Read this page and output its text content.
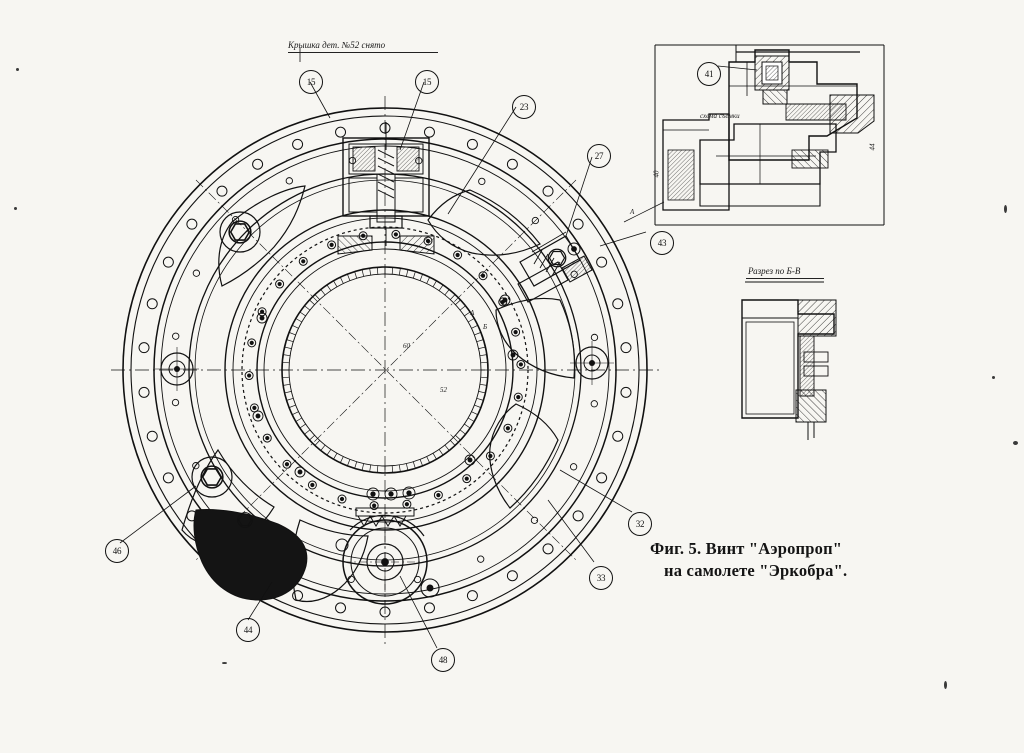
Крышка дет. №52 снято
Разрез по Б-В
схема съемки
60
52
40
44
А
А
Б
15	15
23
27
43
41
32
33
46
44
48
Фиг. 5. Винт "Аэропроп"
на самолете "Эркобра".
